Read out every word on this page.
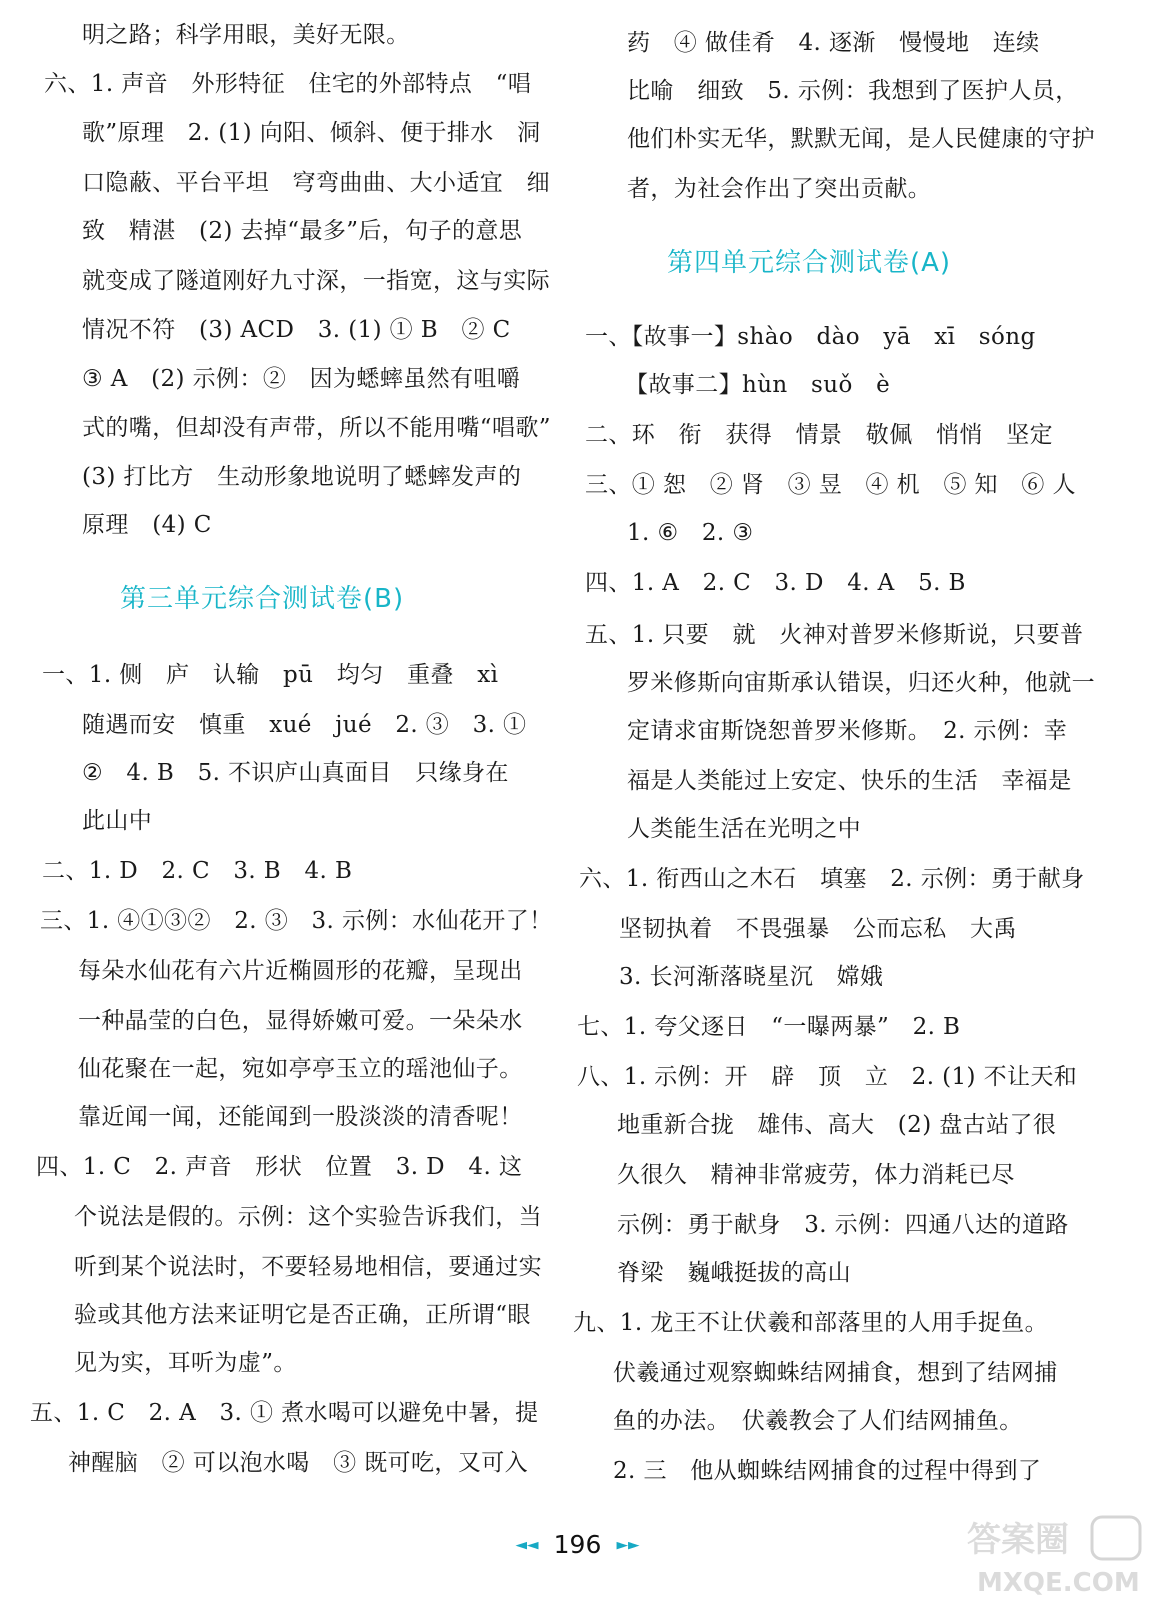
明之路；科学用眼，美好无限。
六、1. 声音　外形特征　住宅的外部特点　“唱
歌”原理　2. (1) 向阳、倾斜、便于排水　洞
口隐蔽、平台平坦　穹弯曲曲、大小适宜　细
致　精湛　(2) 去掉“最多”后，句子的意思
就变成了隧道刚好九寸深，一指宽，这与实际
情况不符　(3) ACD　3. (1) ① B　② C
③ A　(2) 示例：②　因为蟋蟀虽然有咀嚼
式的嘴，但却没有声带，所以不能用嘴“唱歌”
(3) 打比方　生动形象地说明了蟋蟀发声的
原理　(4) C
第三单元综合测试卷(B)
一、1. 侧　庐　认输　pū　均匀　重叠　xì
随遇而安　慎重　xué　jué　2. ③　3. ①
②　4. B　5. 不识庐山真面目　只缘身在
此山中
二、1. D　2. C　3. B　4. B
三、1. ④①③②　2. ③　3. 示例：水仙花开了！
每朵水仙花有六片近椭圆形的花瓣，呈现出
一种晶莹的白色，显得娇嫩可爱。一朵朵水
仙花聚在一起，宛如亭亭玉立的瑶池仙子。
靠近闻一闻，还能闻到一股淡淡的清香呢！
四、1. C　2. 声音　形状　位置　3. D　4. 这
个说法是假的。示例：这个实验告诉我们，当
听到某个说法时，不要轻易地相信，要通过实
验或其他方法来证明它是否正确，正所谓“眼
见为实，耳听为虚”。
五、1. C　2. A　3. ① 煮水喝可以避免中暑，提
神醒脑　② 可以泡水喝　③ 既可吃，又可入
药　④ 做佳肴　4. 逐渐　慢慢地　连续
比喻　细致　5. 示例：我想到了医护人员，
他们朴实无华，默默无闻，是人民健康的守护
者，为社会作出了突出贡献。
第四单元综合测试卷(A)
一、【故事一】shào　dào　yā　xī　sóng
【故事二】hùn　suǒ　è
二、环　衔　获得　情景　敬佩　悄悄　坚定
三、① 恕　② 肾　③ 昱　④ 机　⑤ 知　⑥ 人
1. ⑥　2. ③
四、1. A　2. C　3. D　4. A　5. B
五、1. 只要　就　火神对普罗米修斯说，只要普
罗米修斯向宙斯承认错误，归还火种，他就一
定请求宙斯饶恕普罗米修斯。　2. 示例：幸
福是人类能过上安定、快乐的生活　幸福是
人类能生活在光明之中
六、1. 衔西山之木石　填塞　2. 示例：勇于献身
坚韧执着　不畏强暴　公而忘私　大禹
3. 长河渐落晓星沉　嫦娥
七、1. 夸父逐日　“一曝两暴”　2. B
八、1. 示例：开　辟　顶　立　2. (1) 不让天和
地重新合拢　雄伟、高大　(2) 盘古站了很
久很久　精神非常疲劳，体力消耗已尽
示例：勇于献身　3. 示例：四通八达的道路
脊梁　巍峨挺拔的高山
九、1. 龙王不让伏羲和部落里的人用手捉鱼。
伏羲通过观察蜘蛛结网捕食，想到了结网捕
鱼的办法。　伏羲教会了人们结网捕鱼。
2. 三　他从蜘蛛结网捕食的过程中得到了
◄◄ 196 ►►	答案圈
MXQE.COM
